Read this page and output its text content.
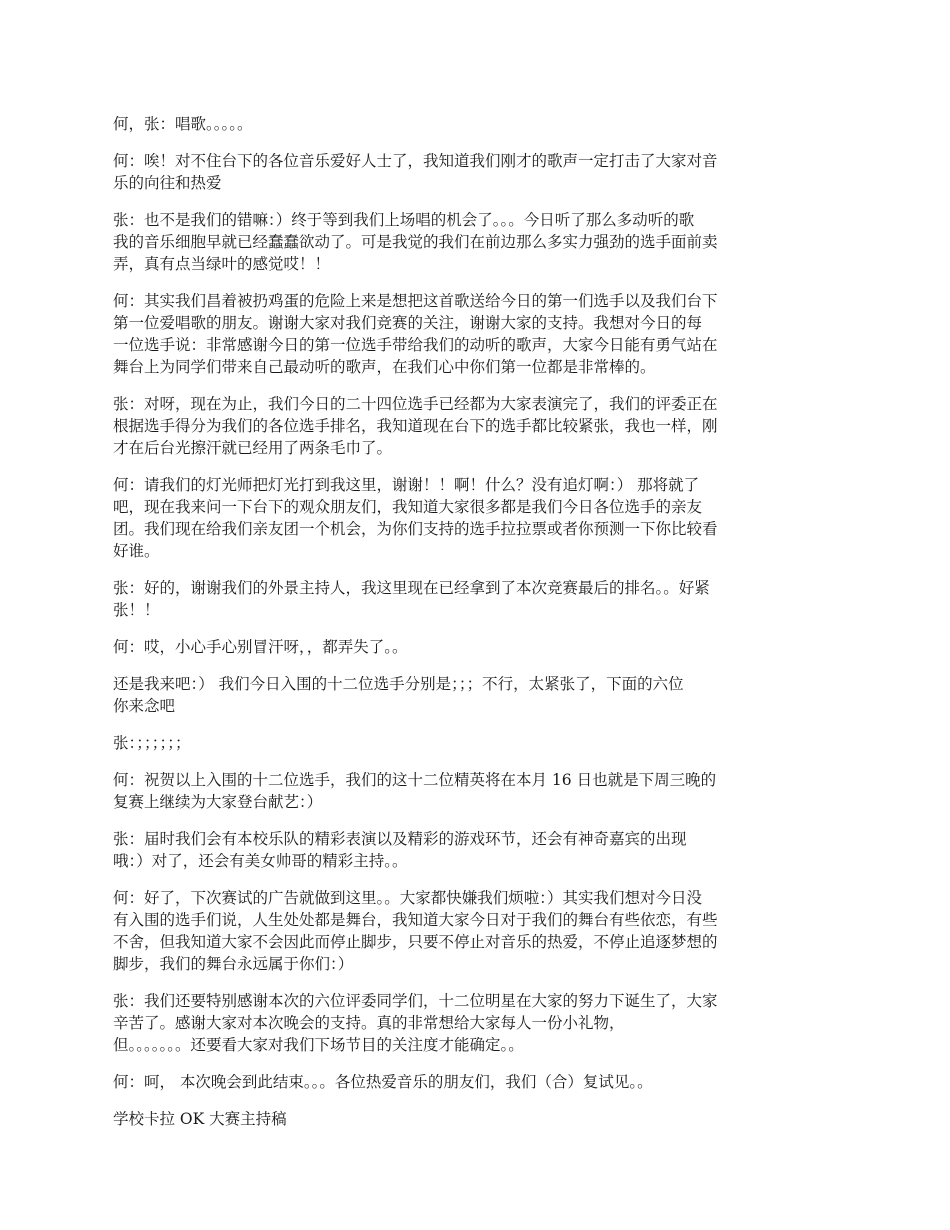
何，张：唱歌。。。。。

何：唉！对不住台下的各位音乐爱好人士了，我知道我们刚才的歌声一定打击了大家对音
乐的向往和热爱

张：也不是我们的错嘛：）终于等到我们上场唱的机会了。。。今日听了那么多动听的歌
我的音乐细胞早就已经蠢蠢欲动了。可是我觉的我们在前边那么多实力强劲的选手面前卖
弄，真有点当绿叶的感觉哎！！

何：其实我们昌着被扔鸡蛋的危险上来是想把这首歌送给今日的第一们选手以及我们台下
第一位爱唱歌的朋友。谢谢大家对我们竞赛的关注，谢谢大家的支持。我想对今日的每
一位选手说：非常感谢今日的第一位选手带给我们的动听的歌声，大家今日能有勇气站在
舞台上为同学们带来自己最动听的歌声，在我们心中你们第一位都是非常棒的。

张：对呀，现在为止，我们今日的二十四位选手已经都为大家表演完了，我们的评委正在
根据选手得分为我们的各位选手排名，我知道现在台下的选手都比较紧张，我也一样，刚
才在后台光擦汗就已经用了两条毛巾了。

何：请我们的灯光师把灯光打到我这里，谢谢！！啊！什么？没有追灯啊：） 那将就了
吧，现在我来问一下台下的观众朋友们，我知道大家很多都是我们今日各位选手的亲友
团。我们现在给我们亲友团一个机会，为你们支持的选手拉拉票或者你预测一下你比较看
好谁。

张：好的，谢谢我们的外景主持人，我这里现在已经拿到了本次竞赛最后的排名。。好紧
张！！

何：哎，小心手心别冒汗呀，，都弄失了。。

还是我来吧：） 我们今日入围的十二位选手分别是；；；不行，太紧张了，下面的六位
你来念吧

张：；；；；；；

何：祝贺以上入围的十二位选手，我们的这十二位精英将在本月 16 日也就是下周三晚的
复赛上继续为大家登台献艺：）

张：届时我们会有本校乐队的精彩表演以及精彩的游戏环节，还会有神奇嘉宾的出现
哦：）对了，还会有美女帅哥的精彩主持。。

何：好了，下次赛试的广告就做到这里。。大家都快嫌我们烦啦：）其实我们想对今日没
有入围的选手们说，人生处处都是舞台，我知道大家今日对于我们的舞台有些依恋，有些
不舍，但我知道大家不会因此而停止脚步，只要不停止对音乐的热爱，不停止追逐梦想的
脚步，我们的舞台永远属于你们：）

张：我们还要特别感谢本次的六位评委同学们，十二位明星在大家的努力下诞生了，大家
辛苦了。感谢大家对本次晚会的支持。真的非常想给大家每人一份小礼物，
但。。。。。。。还要看大家对我们下场节目的关注度才能确定。。

何：呵， 本次晚会到此结束。。。各位热爱音乐的朋友们，我们（合）复试见。。

学校卡拉 OK 大赛主持稿
